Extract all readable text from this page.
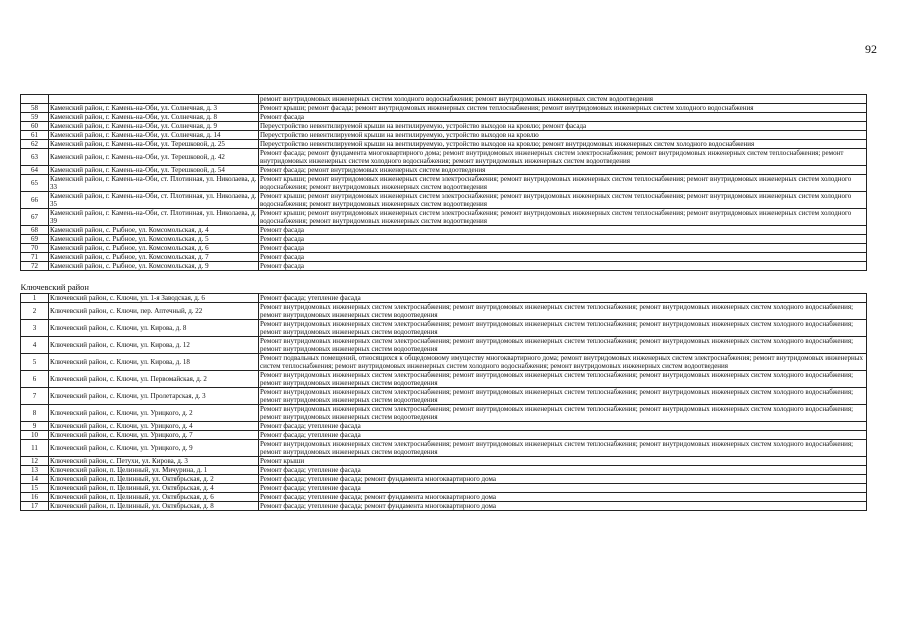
92
		ремонт внутридомовых инженерных систем холодного водоснабжения; ремонт внутридомовых инженерных систем водоотведения
58	Каменский район, г. Камень-на-Оби, ул. Солнечная, д. 3	Ремонт крыши; ремонт фасада; ремонт внутридомовых инженерных систем теплоснабжения; ремонт внутридомовых инженерных систем холодного водоснабжения
59	Каменский район, г. Камень-на-Оби, ул. Солнечная, д. 8	Ремонт фасада
60	Каменский район, г. Камень-на-Оби, ул. Солнечная, д. 9	Переустройство невентилируемой крыши на вентилируемую, устройство выходов на кровлю; ремонт фасада
61	Каменский район, г. Камень-на-Оби, ул. Солнечная, д. 14	Переустройство невентилируемой крыши на вентилируемую, устройство выходов на кровлю
62	Каменский район, г. Камень-на-Оби, ул. Терешковой, д. 25	Переустройство невентилируемой крыши на вентилируемую, устройство выходов на кровлю; ремонт внутридомовых инженерных систем холодного водоснабжения
63	Каменский район, г. Камень-на-Оби, ул. Терешковой, д. 42	Ремонт фасада; ремонт фундамента многоквартирного дома; ремонт внутридомовых инженерных систем электроснабжения; ремонт внутридомовых инженерных систем теплоснабжения; ремонт внутридомовых инженерных систем холодного водоснабжения; ремонт внутридомовых инженерных систем водоотведения
64	Каменский район, г. Камень-на-Оби, ул. Терешковой, д. 54	Ремонт фасада; ремонт внутридомовых инженерных систем водоотведения
65	Каменский район, г. Камень-на-Оби, ст. Плотинная, ул. Николаева, д. 33	Ремонт крыши; ремонт внутридомовых инженерных систем электроснабжения; ремонт внутридомовых инженерных систем теплоснабжения; ремонт внутридомовых инженерных систем холодного водоснабжения; ремонт внутридомовых инженерных систем водоотведения
66	Каменский район, г. Камень-на-Оби, ст. Плотинная, ул. Николаева, д. 35	Ремонт крыши; ремонт внутридомовых инженерных систем электроснабжения; ремонт внутридомовых инженерных систем теплоснабжения; ремонт внутридомовых инженерных систем холодного водоснабжения; ремонт внутридомовых инженерных систем водоотведения
67	Каменский район, г. Камень-на-Оби, ст. Плотинная, ул. Николаева, д. 39	Ремонт крыши; ремонт внутридомовых инженерных систем электроснабжения; ремонт внутридомовых инженерных систем теплоснабжения; ремонт внутридомовых инженерных систем холодного водоснабжения; ремонт внутридомовых инженерных систем водоотведения
68	Каменский район, с. Рыбное, ул. Комсомольская, д. 4	Ремонт фасада
69	Каменский район, с. Рыбное, ул. Комсомольская, д. 5	Ремонт фасада
70	Каменский район, с. Рыбное, ул. Комсомольская, д. 6	Ремонт фасада
71	Каменский район, с. Рыбное, ул. Комсомольская, д. 7	Ремонт фасада
72	Каменский район, с. Рыбное, ул. Комсомольская, д. 9	Ремонт фасада
Ключевский район		
1	Ключевский район, с. Ключи, ул. 1-я Заводская, д. 6	Ремонт фасада; утепление фасада
2	Ключевский район, с. Ключи, пер. Аптечный, д. 22	Ремонт внутридомовых инженерных систем электроснабжения; ремонт внутридомовых инженерных систем теплоснабжения; ремонт внутридомовых инженерных систем холодного водоснабжения; ремонт внутридомовых инженерных систем водоотведения
3	Ключевский район, с. Ключи, ул. Кирова, д. 8	Ремонт внутридомовых инженерных систем электроснабжения; ремонт внутридомовых инженерных систем теплоснабжения; ремонт внутридомовых инженерных систем холодного водоснабжения; ремонт внутридомовых инженерных систем водоотведения
4	Ключевский район, с. Ключи, ул. Кирова, д. 12	Ремонт внутридомовых инженерных систем электроснабжения; ремонт внутридомовых инженерных систем теплоснабжения; ремонт внутридомовых инженерных систем холодного водоснабжения; ремонт внутридомовых инженерных систем водоотведения
5	Ключевский район, с. Ключи, ул. Кирова, д. 18	Ремонт подвальных помещений, относящихся к общедомовому имуществу многоквартирного дома; ремонт внутридомовых инженерных систем электроснабжения; ремонт внутридомовых инженерных систем теплоснабжения; ремонт внутридомовых инженерных систем холодного водоснабжения; ремонт внутридомовых инженерных систем водоотведения
6	Ключевский район, с. Ключи, ул. Первомайская, д. 2	Ремонт внутридомовых инженерных систем электроснабжения; ремонт внутридомовых инженерных систем теплоснабжения; ремонт внутридомовых инженерных систем холодного водоснабжения; ремонт внутридомовых инженерных систем водоотведения
7	Ключевский район, с. Ключи, ул. Пролетарская, д. 3	Ремонт внутридомовых инженерных систем электроснабжения; ремонт внутридомовых инженерных систем теплоснабжения; ремонт внутридомовых инженерных систем холодного водоснабжения; ремонт внутридомовых инженерных систем водоотведения
8	Ключевский район, с. Ключи, ул. Урицкого, д. 2	Ремонт внутридомовых инженерных систем электроснабжения; ремонт внутридомовых инженерных систем теплоснабжения; ремонт внутридомовых инженерных систем холодного водоснабжения; ремонт внутридомовых инженерных систем водоотведения
9	Ключевский район, с. Ключи, ул. Урицкого, д. 4	Ремонт фасада; утепление фасада
10	Ключевский район, с. Ключи, ул. Урицкого, д. 7	Ремонт фасада; утепление фасада
11	Ключевский район, с. Ключи, ул. Урицкого, д. 9	Ремонт внутридомовых инженерных систем электроснабжения; ремонт внутридомовых инженерных систем теплоснабжения; ремонт внутридомовых инженерных систем холодного водоснабжения; ремонт внутридомовых инженерных систем водоотведения
12	Ключевский район, с. Петухи, ул. Кирова, д. 3	Ремонт крыши
13	Ключевский район, п. Целинный, ул. Мичурина, д. 1	Ремонт фасада; утепление фасада
14	Ключевский район, п. Целинный, ул. Октябрьская, д. 2	Ремонт фасада; утепление фасада; ремонт фундамента многоквартирного дома
15	Ключевский район, п. Целинный, ул. Октябрьская, д. 4	Ремонт фасада; утепление фасада
16	Ключевский район, п. Целинный, ул. Октябрьская, д. 6	Ремонт фасада; утепление фасада; ремонт фундамента многоквартирного дома
17	Ключевский район, п. Целинный, ул. Октябрьская, д. 8	Ремонт фасада; утепление фасада; ремонт фундамента многоквартирного дома
